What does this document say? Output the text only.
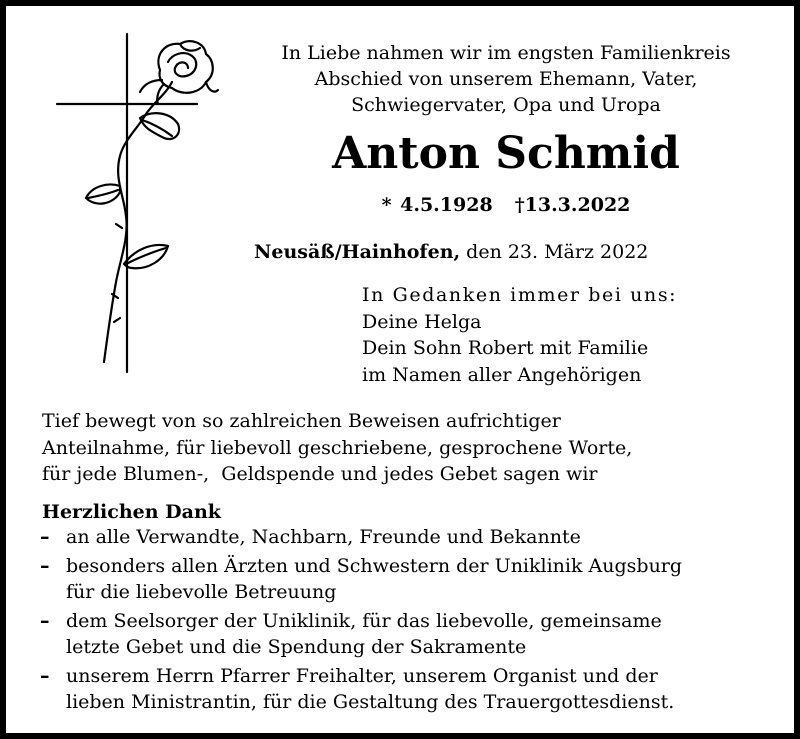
In Liebe nahmen wir im engsten Familienkreis
Abschied von unserem Ehemann, Vater,
Schwiegervater, Opa und Uropa
Anton Schmid
* 4.5.1928 †13.3.2022
Neusäß/Hainhofen, den 23. März 2022
In Gedanken immer bei uns:
Deine Helga
Dein Sohn Robert mit Familie
im Namen aller Angehörigen
Tief bewegt von so zahlreichen Beweisen aufrichtiger
Anteilnahme, für liebevoll geschriebene, gesprochene Worte,
für jede Blumen-,  Geldspende und jedes Gebet sagen wir
Herzlichen Dank
– an alle Verwandte, Nachbarn, Freunde und Bekannte
– besonders allen Ärzten und Schwestern der Uniklinik Augsburg
für die liebevolle Betreuung
– dem Seelsorger der Uniklinik, für das liebevolle, gemeinsame
letzte Gebet und die Spendung der Sakramente
– unserem Herrn Pfarrer Freihalter, unserem Organist und der
lieben Ministrantin, für die Gestaltung des Trauergottesdienst.
